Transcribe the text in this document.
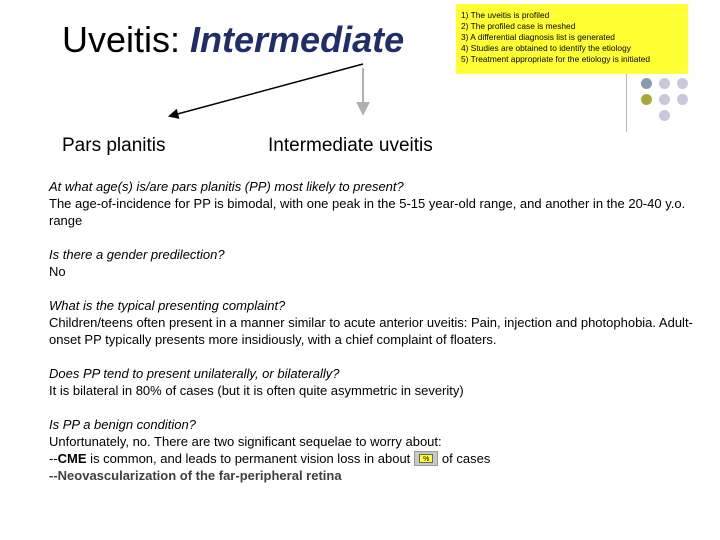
Uveitis: Intermediate
1) The uveitis is profiled
2) The profiled case is meshed
3) A differential diagnosis list is generated
4) Studies are obtained to identify the etiology
5) Treatment appropriate for the etiology is initiated
Pars planitis	Intermediate uveitis

At what age(s) is/are pars planitis (PP) most likely to present?
The age-of-incidence for PP is bimodal, with one peak in the 5-15 year-old range, and another in the 20-40 y.o. range

Is there a gender predilection?
No

What is the typical presenting complaint?
Children/teens often present in a manner similar to acute anterior uveitis: Pain, injection and photophobia. Adult-onset PP typically presents more insidiously, with a chief complaint of floaters.

Does PP tend to present unilaterally, or bilaterally?
It is bilateral in 80% of cases (but it is often quite asymmetric in severity)

Is PP a benign condition?
Unfortunately, no. There are two significant sequelae to worry about:
--CME is common, and leads to permanent vision loss in about	% of cases
--Neovascularization of the far-peripheral retina
